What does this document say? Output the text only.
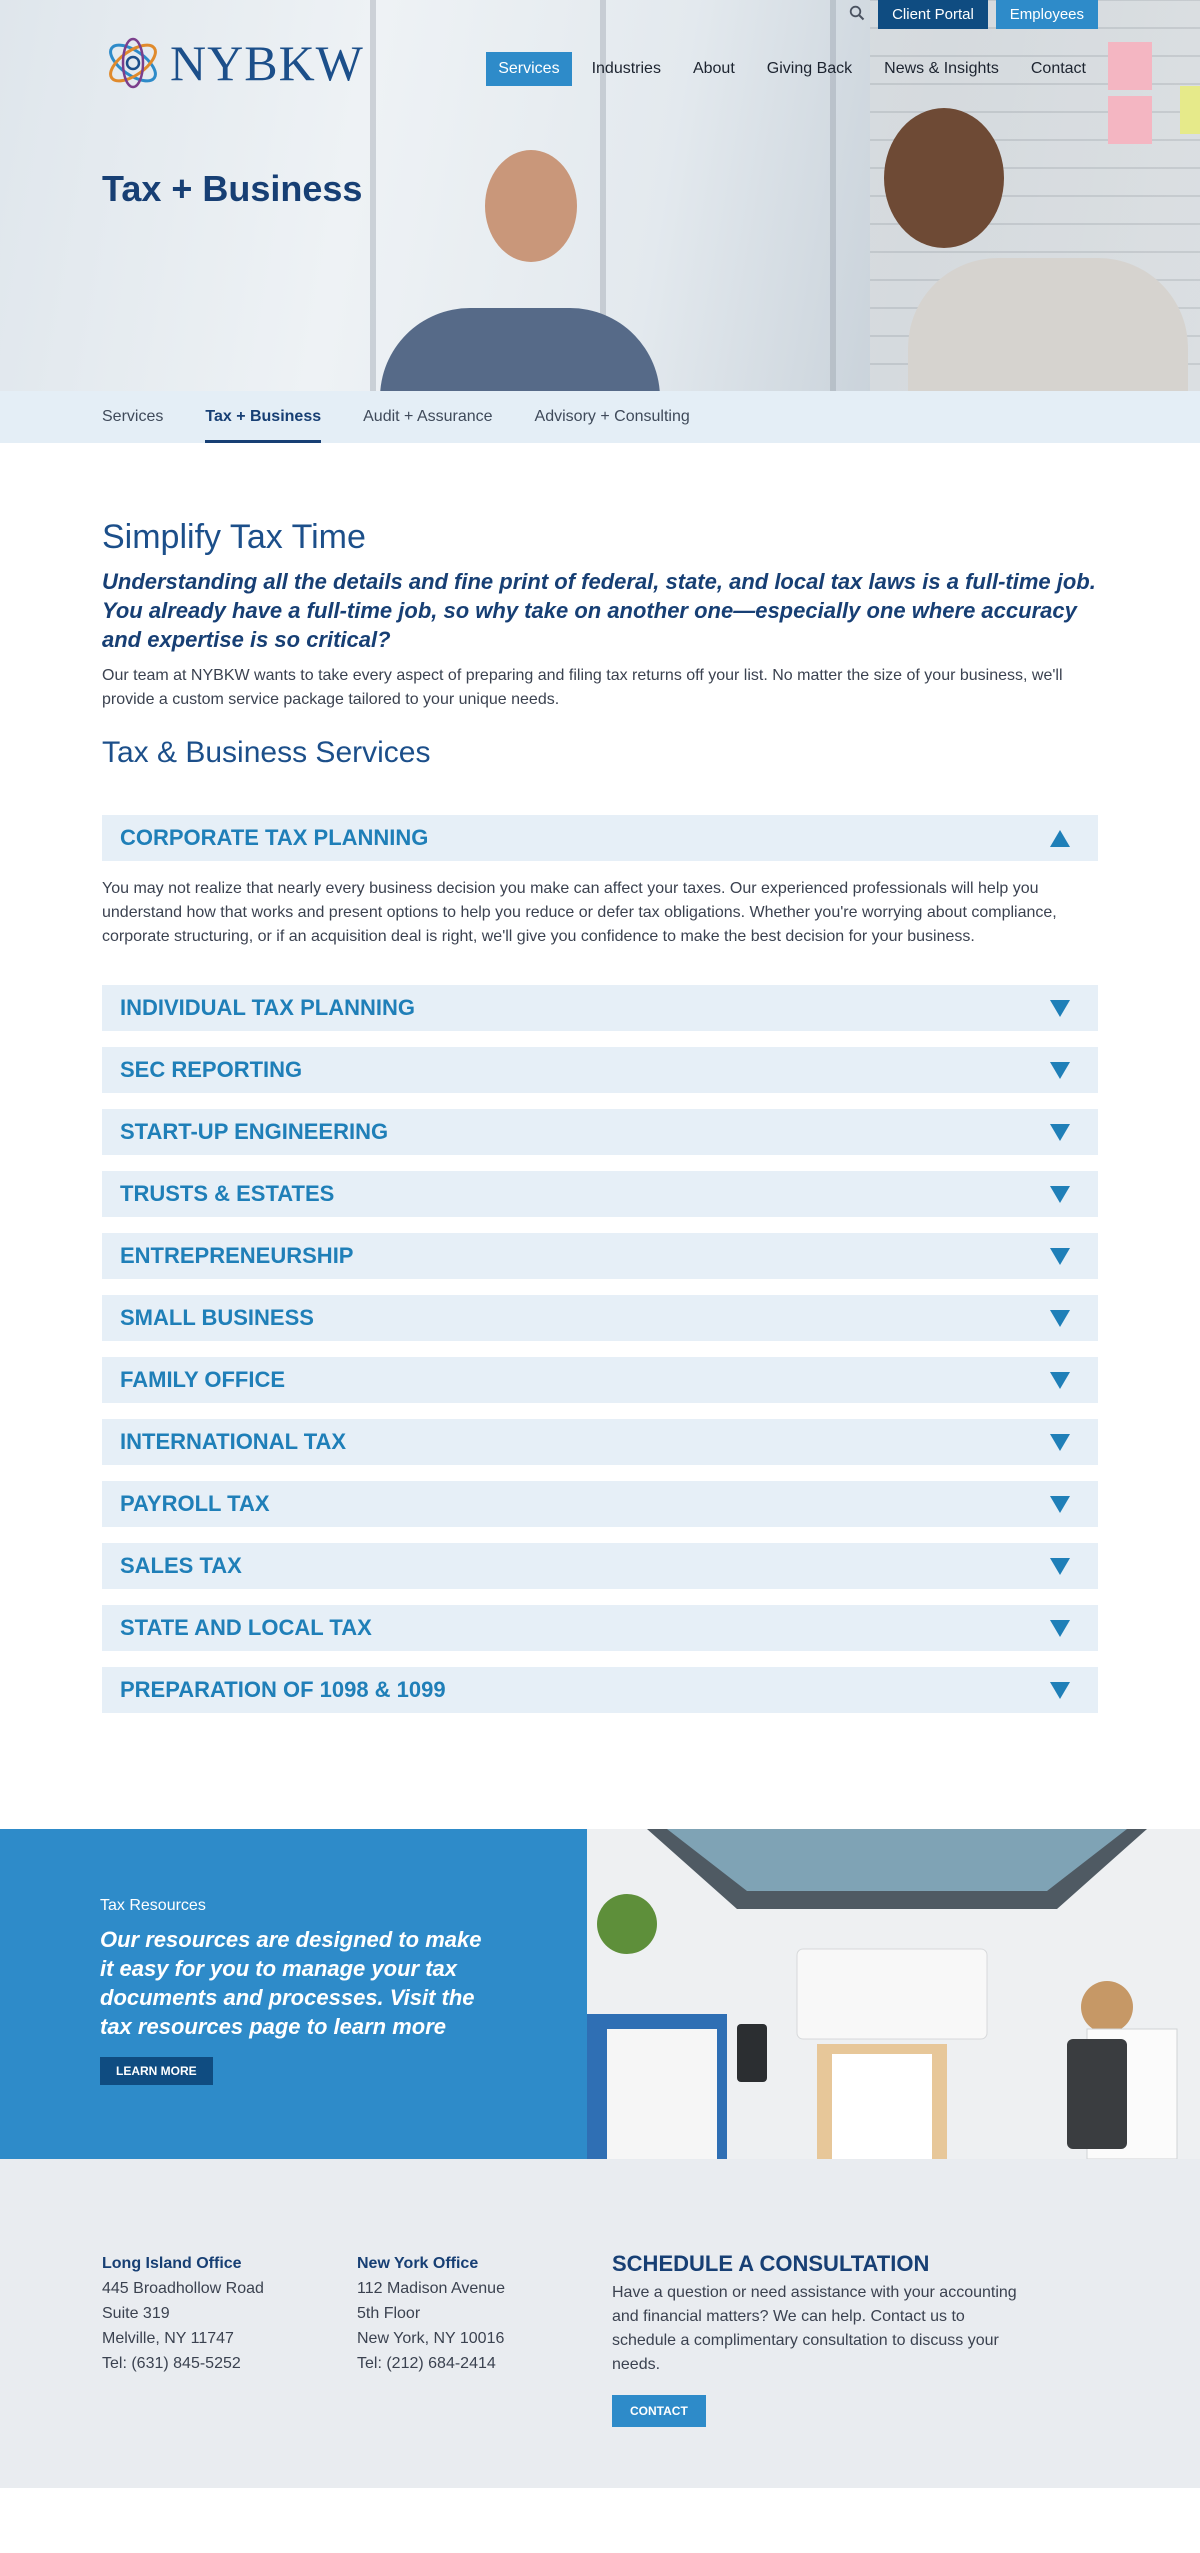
Client Portal	Employees
NYBKW	Services	Industries	About	Giving Back	News & Insights	Contact
Tax + Business
Services	Tax + Business	Audit + Assurance	Advisory + Consulting
Simplify Tax Time

Understanding all the details and fine print of federal, state, and local tax laws is a full-time job. You already have a full-time job, so why take on another one—especially one where accuracy and expertise is so critical?

Our team at NYBKW wants to take every aspect of preparing and filing tax returns off your list. No matter the size of your business, we'll provide a custom service package tailored to your unique needs.

Tax & Business Services
CORPORATE TAX PLANNING

You may not realize that nearly every business decision you make can affect your taxes. Our experienced professionals will help you understand how that works and present options to help you reduce or defer tax obligations. Whether you're worrying about compliance, corporate structuring, or if an acquisition deal is right, we'll give you confidence to make the best decision for your business.

INDIVIDUAL TAX PLANNING
SEC REPORTING
START-UP ENGINEERING
TRUSTS & ESTATES
ENTREPRENEURSHIP
SMALL BUSINESS
FAMILY OFFICE
INTERNATIONAL TAX
PAYROLL TAX
SALES TAX
STATE AND LOCAL TAX
PREPARATION OF 1098 & 1099
Tax Resources
Our resources are designed to make it easy for you to manage your tax documents and processes. Visit the tax resources page to learn more
LEARN MORE
Long Island Office
445 Broadhollow Road
Suite 319
Melville, NY 11747
Tel: (631) 845-5252
New York Office
112 Madison Avenue
5th Floor
New York, NY 10016
Tel: (212) 684-2414
SCHEDULE A CONSULTATION
Have a question or need assistance with your accounting and financial matters? We can help. Contact us to schedule a complimentary consultation to discuss your needs.
CONTACT
